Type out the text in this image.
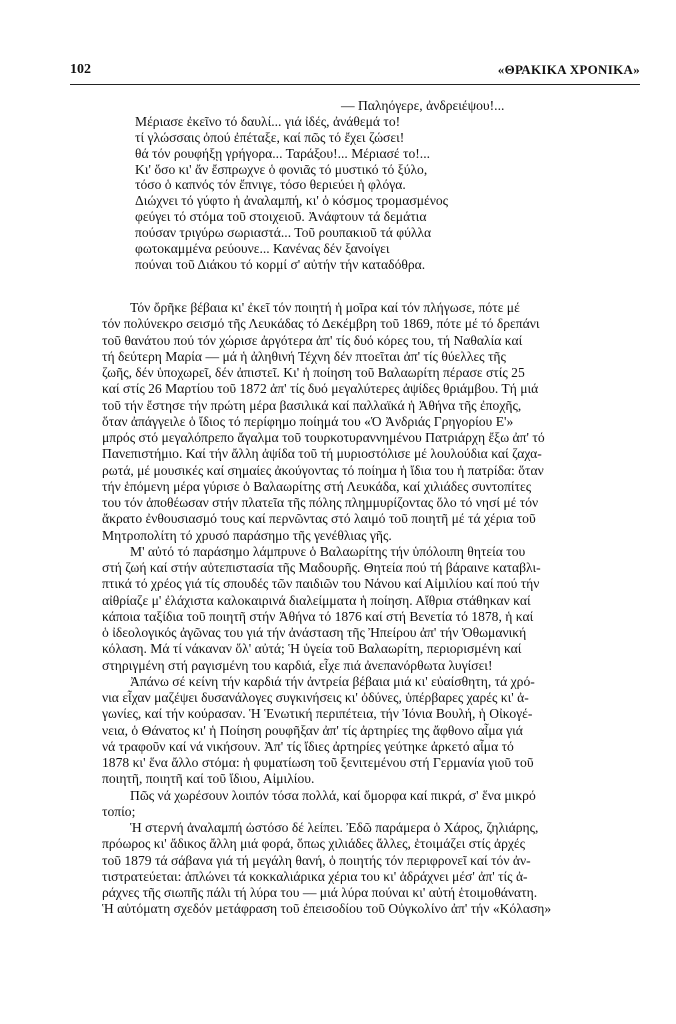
102	«ΘΡΑΚΙΚΑ ΧΡΟΝΙΚΑ»
— Παληόγερε, ἀνδρειέψου!...
Μέριασε ἐκεῖνο τό δαυλί... γιά ἰδές, ἀνάθεμά το!
τί γλώσσαις ὁπού ἐπέταξε, καί πῶς τό ἔχει ζώσει!
θά τόν ρουφήξῃ γρήγορα... Ταράξου!... Μέριασέ το!...
Κι' ὅσο κι' ἄν ἔσπρωχνε ὁ φονιᾶς τό μυστικό τό ξύλο,
τόσο ὁ καπνός τόν ἔπνιγε, τόσο θεριεύει ἡ φλόγα.
Διώχνει τό γύφτο ἡ ἀναλαμπή, κι' ὁ κόσμος τρομασμένος
φεύγει τό στόμα τοῦ στοιχειοῦ. Ἀνάφτουν τά δεμάτια
πούσαν τριγύρω σωριαστά... Τοῦ ρουπακιοῦ τά φύλλα
φωτοκαμμένα ρεύουνε... Κανένας δέν ξανοίγει
πούναι τοῦ Διάκου τό κορμί σ' αὐτήν τήν καταδόθρα.
Τόν ὄρῆκε βέβαια κι' ἐκεῖ τόν ποιητή ἡ μοῖρα καί τόν πλήγωσε, πότε μέ
τόν πολύνεκρο σεισμό τῆς Λευκάδας τό Δεκέμβρη τοῦ 1869, πότε μέ τό δρεπάνι
τοῦ θανάτου πού τόν χώρισε ἀργότερα ἀπ' τίς δυό κόρες του, τή Ναθαλία καί
τή δεύτερη Μαρία — μά ἡ ἀληθινή Τέχνη δέν πτοεῖται ἀπ' τίς θύελλες τῆς
ζωῆς, δέν ὑποχωρεῖ, δέν ἀπιστεῖ. Κι' ἡ ποίηση τοῦ Βαλαωρίτη πέρασε στίς 25
καί στίς 26 Μαρτίου τοῦ 1872 ἀπ' τίς δυό μεγαλύτερες ἀψίδες θριάμβου. Τή μιά
τοῦ τήν ἔστησε τήν πρώτη μέρα βασιλικά καί παλλαϊκά ἡ Ἀθήνα τῆς ἐποχῆς,
ὅταν ἀπάγγειλε ὁ ἴδιος τό περίφημο ποίημά του «Ὁ Ἀνδριάς Γρηγορίου Ε'»
μπρός στό μεγαλόπρεπο ἄγαλμα τοῦ τουρκοτυραννημένου Πατριάρχη ἔξω ἀπ' τό
Πανεπιστήμιο. Καί τήν ἄλλη ἀψίδα τοῦ τή μυριοστόλισε μέ λουλούδια καί ζαχα-
ρωτά, μέ μουσικές καί σημαίες ἀκούγοντας τό ποίημα ἡ ἴδια του ἡ πατρίδα: ὅταν
τήν ἑπόμενη μέρα γύρισε ὁ Βαλαωρίτης στή Λευκάδα, καί χιλιάδες συντοπίτες
του τόν ἀποθέωσαν στήν πλατεῖα τῆς πόλης πλημμυρίζοντας ὅλο τό νησί μέ τόν
ἄκρατο ἐνθουσιασμό τους καί περνῶντας στό λαιμό τοῦ ποιητῆ μέ τά χέρια τοῦ
Μητροπολίτη τό χρυσό παράσημο τῆς γενέθλιας γῆς.
Μ' αὐτό τό παράσημο λάμπρυνε ὁ Βαλαωρίτης τήν ὑπόλοιπη θητεία του
στή ζωή καί στήν αὐτεπιστασία τῆς Μαδουρῆς. Θητεία πού τή βάραινε καταβλι-
πτικά τό χρέος γιά τίς σπουδές τῶν παιδιῶν του Νάνου καί Αἰμιλίου καί πού τήν
αἰθρίαζε μ' ἐλάχιστα καλοκαιρινά διαλείμματα ἡ ποίηση. Αἴθρια στάθηκαν καί
κάποια ταξίδια τοῦ ποιητῆ στήν Ἀθήνα τό 1876 καί στή Βενετία τό 1878, ἡ καί
ὁ ἰδεολογικός ἀγῶνας του γιά τήν ἀνάσταση τῆς Ἠπείρου ἀπ' τήν Ὀθωμανική
κόλαση. Μά τί νάκαναν ὅλ' αὐτά; Ἡ ὑγεία τοῦ Βαλαωρίτη, περιορισμένη καί
στηριγμένη στή ραγισμένη του καρδιά, εἶχε πιά ἀνεπανόρθωτα λυγίσει!
Ἀπάνω σέ κείνη τήν καρδιά τήν ἀντρεία βέβαια μιά κι' εὐαίσθητη, τά χρό-
νια εἶχαν μαζέψει δυσανάλογες συγκινήσεις κι' ὀδύνες, ὑπέρβαρες χαρές κι' ἀ-
γωνίες, καί τήν κούρασαν. Ἡ Ἑνωτική περιπέτεια, τήν Ἰόνια Βουλή, ἡ Οἰκογέ-
νεια, ὁ Θάνατος κι' ἡ Ποίηση ρουφῆξαν ἀπ' τίς ἀρτηρίες της ἄφθονο αἷμα γιά
νά τραφοῦν καί νά νικήσουν. Ἀπ' τίς ἴδιες ἀρτηρίες γεύτηκε ἀρκετό αἷμα τό
1878 κι' ἕνα ἄλλο στόμα: ἡ φυματίωση τοῦ ξενιτεμένου στή Γερμανία γιοῦ τοῦ
ποιητῆ, ποιητῆ καί τοῦ ἴδιου, Αἰμιλίου.
Πῶς νά χωρέσουν λοιπόν τόσα πολλά, καί ὄμορφα καί πικρά, σ' ἕνα μικρό
τοπίο;
Ἡ στερνή ἀναλαμπή ὡστόσο δέ λείπει. Ἐδῶ παράμερα ὁ Χάρος, ζηλιάρης,
πρόωρος κι' ἄδικος ἄλλη μιά φορά, ὅπως χιλιάδες ἄλλες, ἑτοιμάζει στίς ἀρχές
τοῦ 1879 τά σάβανα γιά τή μεγάλη θανή, ὁ ποιητής τόν περιφρονεῖ καί τόν ἀν-
τιστρατεύεται: ἁπλώνει τά κοκκαλιάρικα χέρια του κι' ἀδράχνει μέσ' ἀπ' τίς ἀ-
ράχνες τῆς σιωπῆς πάλι τή λύρα του — μιά λύρα πούναι κι' αὐτή ἑτοιμοθάνατη.
Ἡ αὐτόματη σχεδόν μετάφραση τοῦ ἐπεισοδίου τοῦ Οὐγκολίνο ἀπ' τήν «Κόλαση»
